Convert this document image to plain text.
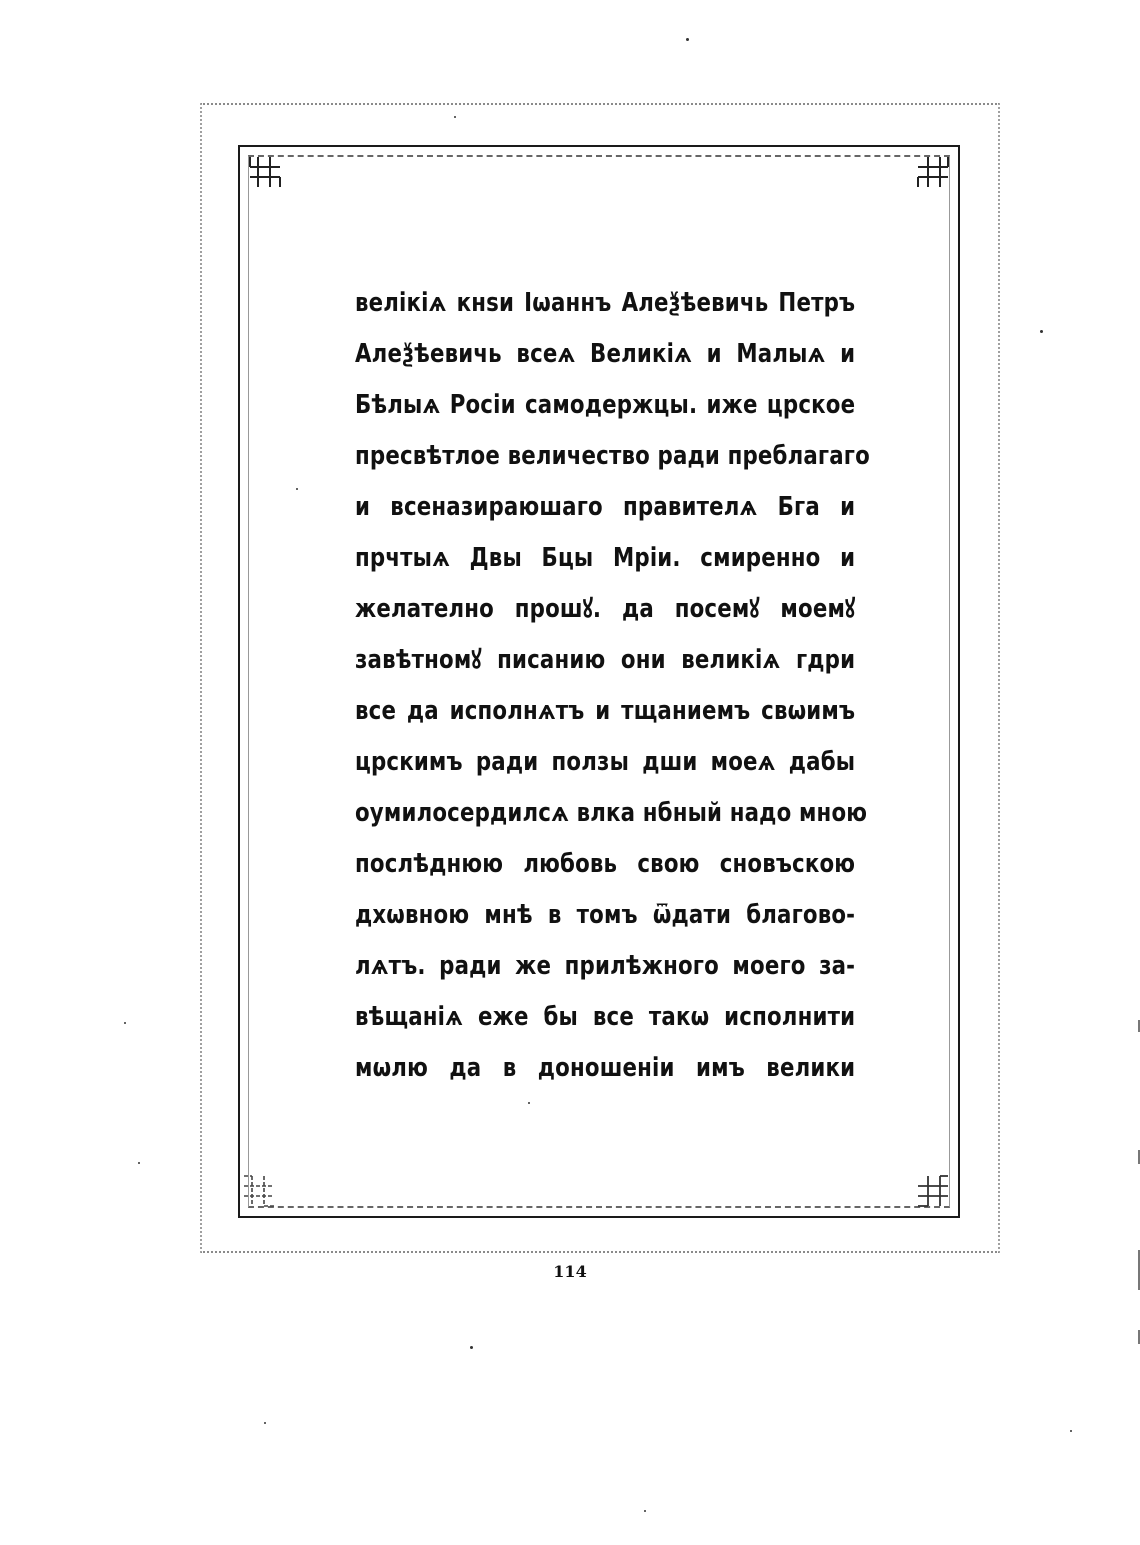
велікіѧ кнѕи Іѡаннъ Алеѯѣевичь Петръ
Алеѯѣевичь всеѧ Великіѧ и Малыѧ и
Бѣлыѧ Росіи самодержцы. иже црское
пресвѣтлое величество ради преблагаго
и всеназираюшаго правителѧ Бга и
прчтыѧ Двы Бцы Мріи. смиренно и
желателно прошꙋ. да посемꙋ моемꙋ
завѣтномꙋ писанию они великіѧ гдри
все да исполнѧтъ и тщаниемъ свѡимъ
црскимъ ради ползы дши моеѧ дабы
оумилосердилсѧ влка нбный надо мною
послѣднюю любовь свою сновъскою
дхѡвною мнѣ в томъ ѿдати благово-
лѧтъ. ради же прилѣжного моего за-
вѣщаніѧ еже бы все такѡ исполнити
мѡлю да в доношеніи имъ велики
114
